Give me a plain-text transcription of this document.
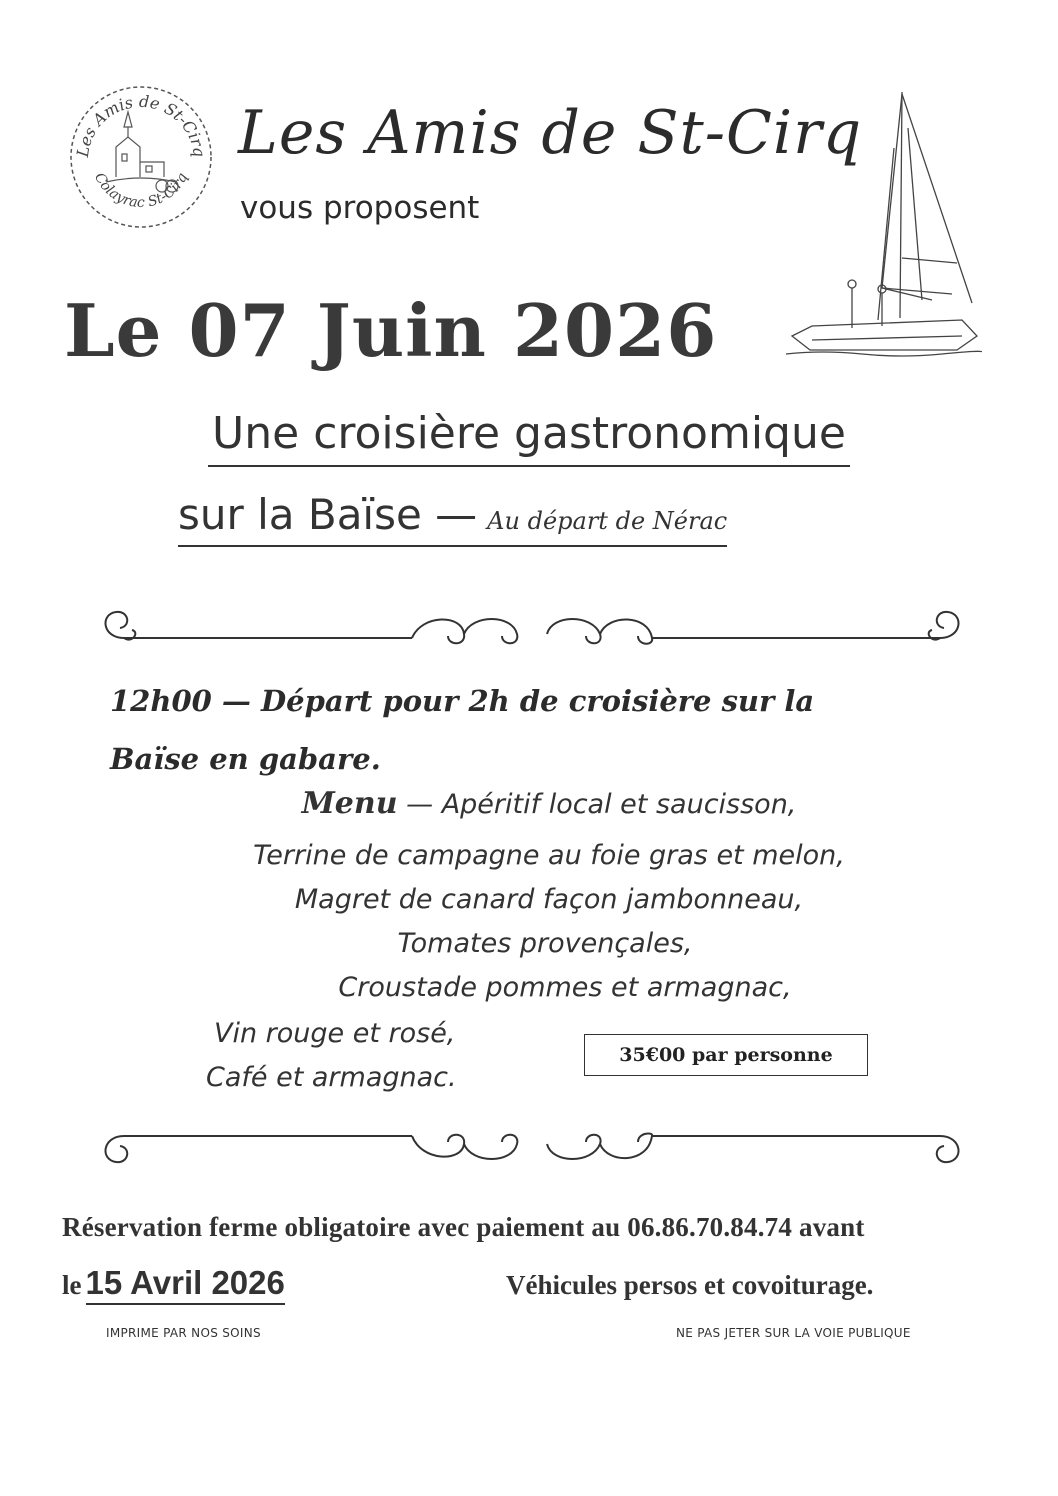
Les Amis de St-Cirq
Colayrac St-Cirq
Les Amis de St-Cirq
vous proposent
Le 07 Juin 2026
Une croisière gastronomique
sur la Baïse — Au départ de Nérac
12h00 — Départ pour 2h de croisière sur la
Baïse en gabare.
Menu — Apéritif local et saucisson,
Terrine de campagne au foie gras et melon,
Magret de canard façon jambonneau,
Tomates provençales,
Croustade pommes et armagnac,
Vin rouge et rosé,
Café et armagnac.
35€00 par personne
Réservation ferme obligatoire avec paiement au 06.86.70.84.74 avant
le 15 Avril 2026	Véhicules persos et covoiturage.
IMPRIME PAR NOS SOINS	NE PAS JETER SUR LA VOIE PUBLIQUE
